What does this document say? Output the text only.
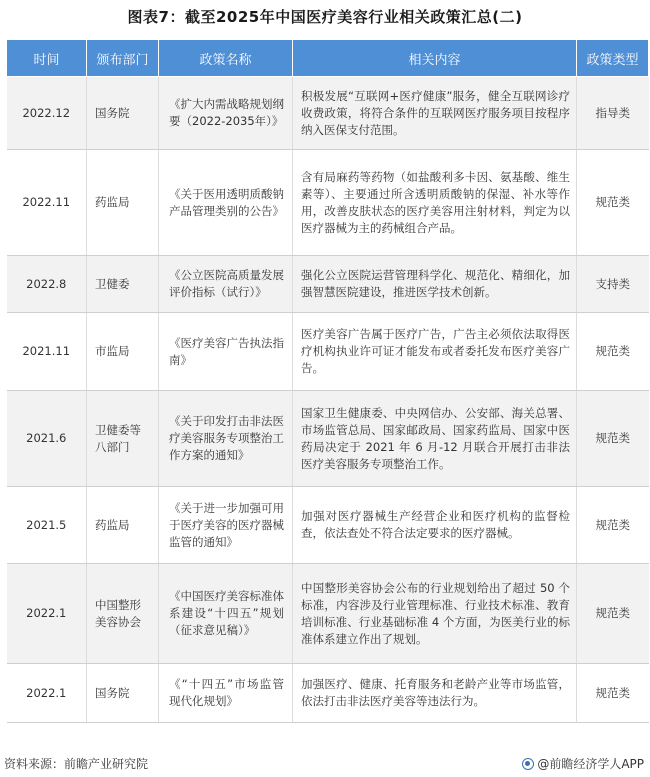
图表7：截至2025年中国医疗美容行业相关政策汇总(二)
时间	颁布部门	政策名称	相关内容	政策类型
2022.12	国务院	《扩大内需战略规划纲要（2022-2035年）》	积极发展“互联网+医疗健康”服务，健全互联网诊疗收费政策，将符合条件的互联网医疗服务项目按程序纳入医保支付范围。	指导类
2022.11	药监局	《关于医用透明质酸钠产品管理类别的公告》	含有局麻药等药物（如盐酸利多卡因、氨基酸、维生素等）、主要通过所含透明质酸钠的保湿、补水等作用，改善皮肤状态的医疗美容用注射材料，判定为以医疗器械为主的药械组合产品。	规范类
2022.8	卫健委	《公立医院高质量发展评价指标（试行）》	强化公立医院运营管理科学化、规范化、精细化，加强智慧医院建设，推进医学技术创新。	支持类
2021.11	市监局	《医疗美容广告执法指南》	医疗美容广告属于医疗广告，广告主必须依法取得医疗机构执业许可证才能发布或者委托发布医疗美容广告。	规范类
2021.6	卫健委等八部门	《关于印发打击非法医疗美容服务专项整治工作方案的通知》	国家卫生健康委、中央网信办、公安部、海关总署、市场监管总局、国家邮政局、国家药监局、国家中医药局决定于 2021 年 6 月-12 月联合开展打击非法医疗美容服务专项整治工作。	规范类
2021.5	药监局	《关于进一步加强可用于医疗美容的医疗器械监管的通知》	加强对医疗器械生产经营企业和医疗机构的监督检查，依法查处不符合法定要求的医疗器械。	规范类
2022.1	中国整形美容协会	《中国医疗美容标准体系建设“十四五”规划（征求意见稿）》	中国整形美容协会公布的行业规划给出了超过 50 个标准，内容涉及行业管理标准、行业技术标准、教育培训标准、行业基础标准 4 个方面，为医美行业的标准体系建立作出了规划。	规范类
2022.1	国务院	《“十四五”市场监管现代化规划》	加强医疗、健康、托育服务和老龄产业等市场监管，依法打击非法医疗美容等违法行为。	规范类
资料来源：前瞻产业研究院	@前瞻经济学人APP
